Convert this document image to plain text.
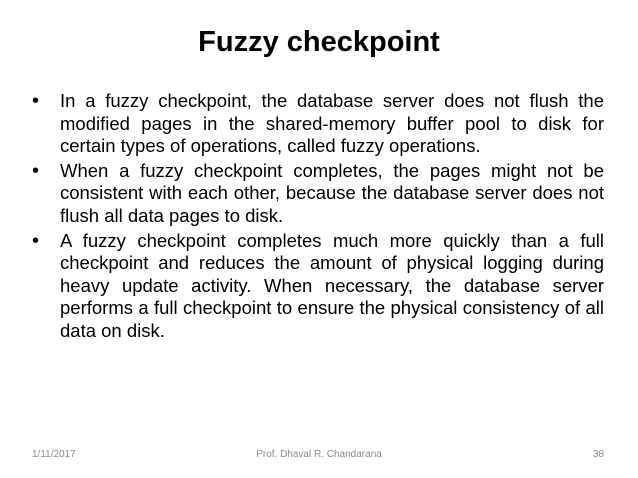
Fuzzy checkpoint
• In a fuzzy checkpoint, the database server does not flush the modified pages in the shared-memory buffer pool to disk for certain types of operations, called fuzzy operations.
• When a fuzzy checkpoint completes, the pages might not be consistent with each other, because the database server does not flush all data pages to disk.
• A fuzzy checkpoint completes much more quickly than a full checkpoint and reduces the amount of physical logging during heavy update activity. When necessary, the database server performs a full checkpoint to ensure the physical consistency of all data on disk.
1/11/2017	Prof. Dhaval R. Chandarana	38
